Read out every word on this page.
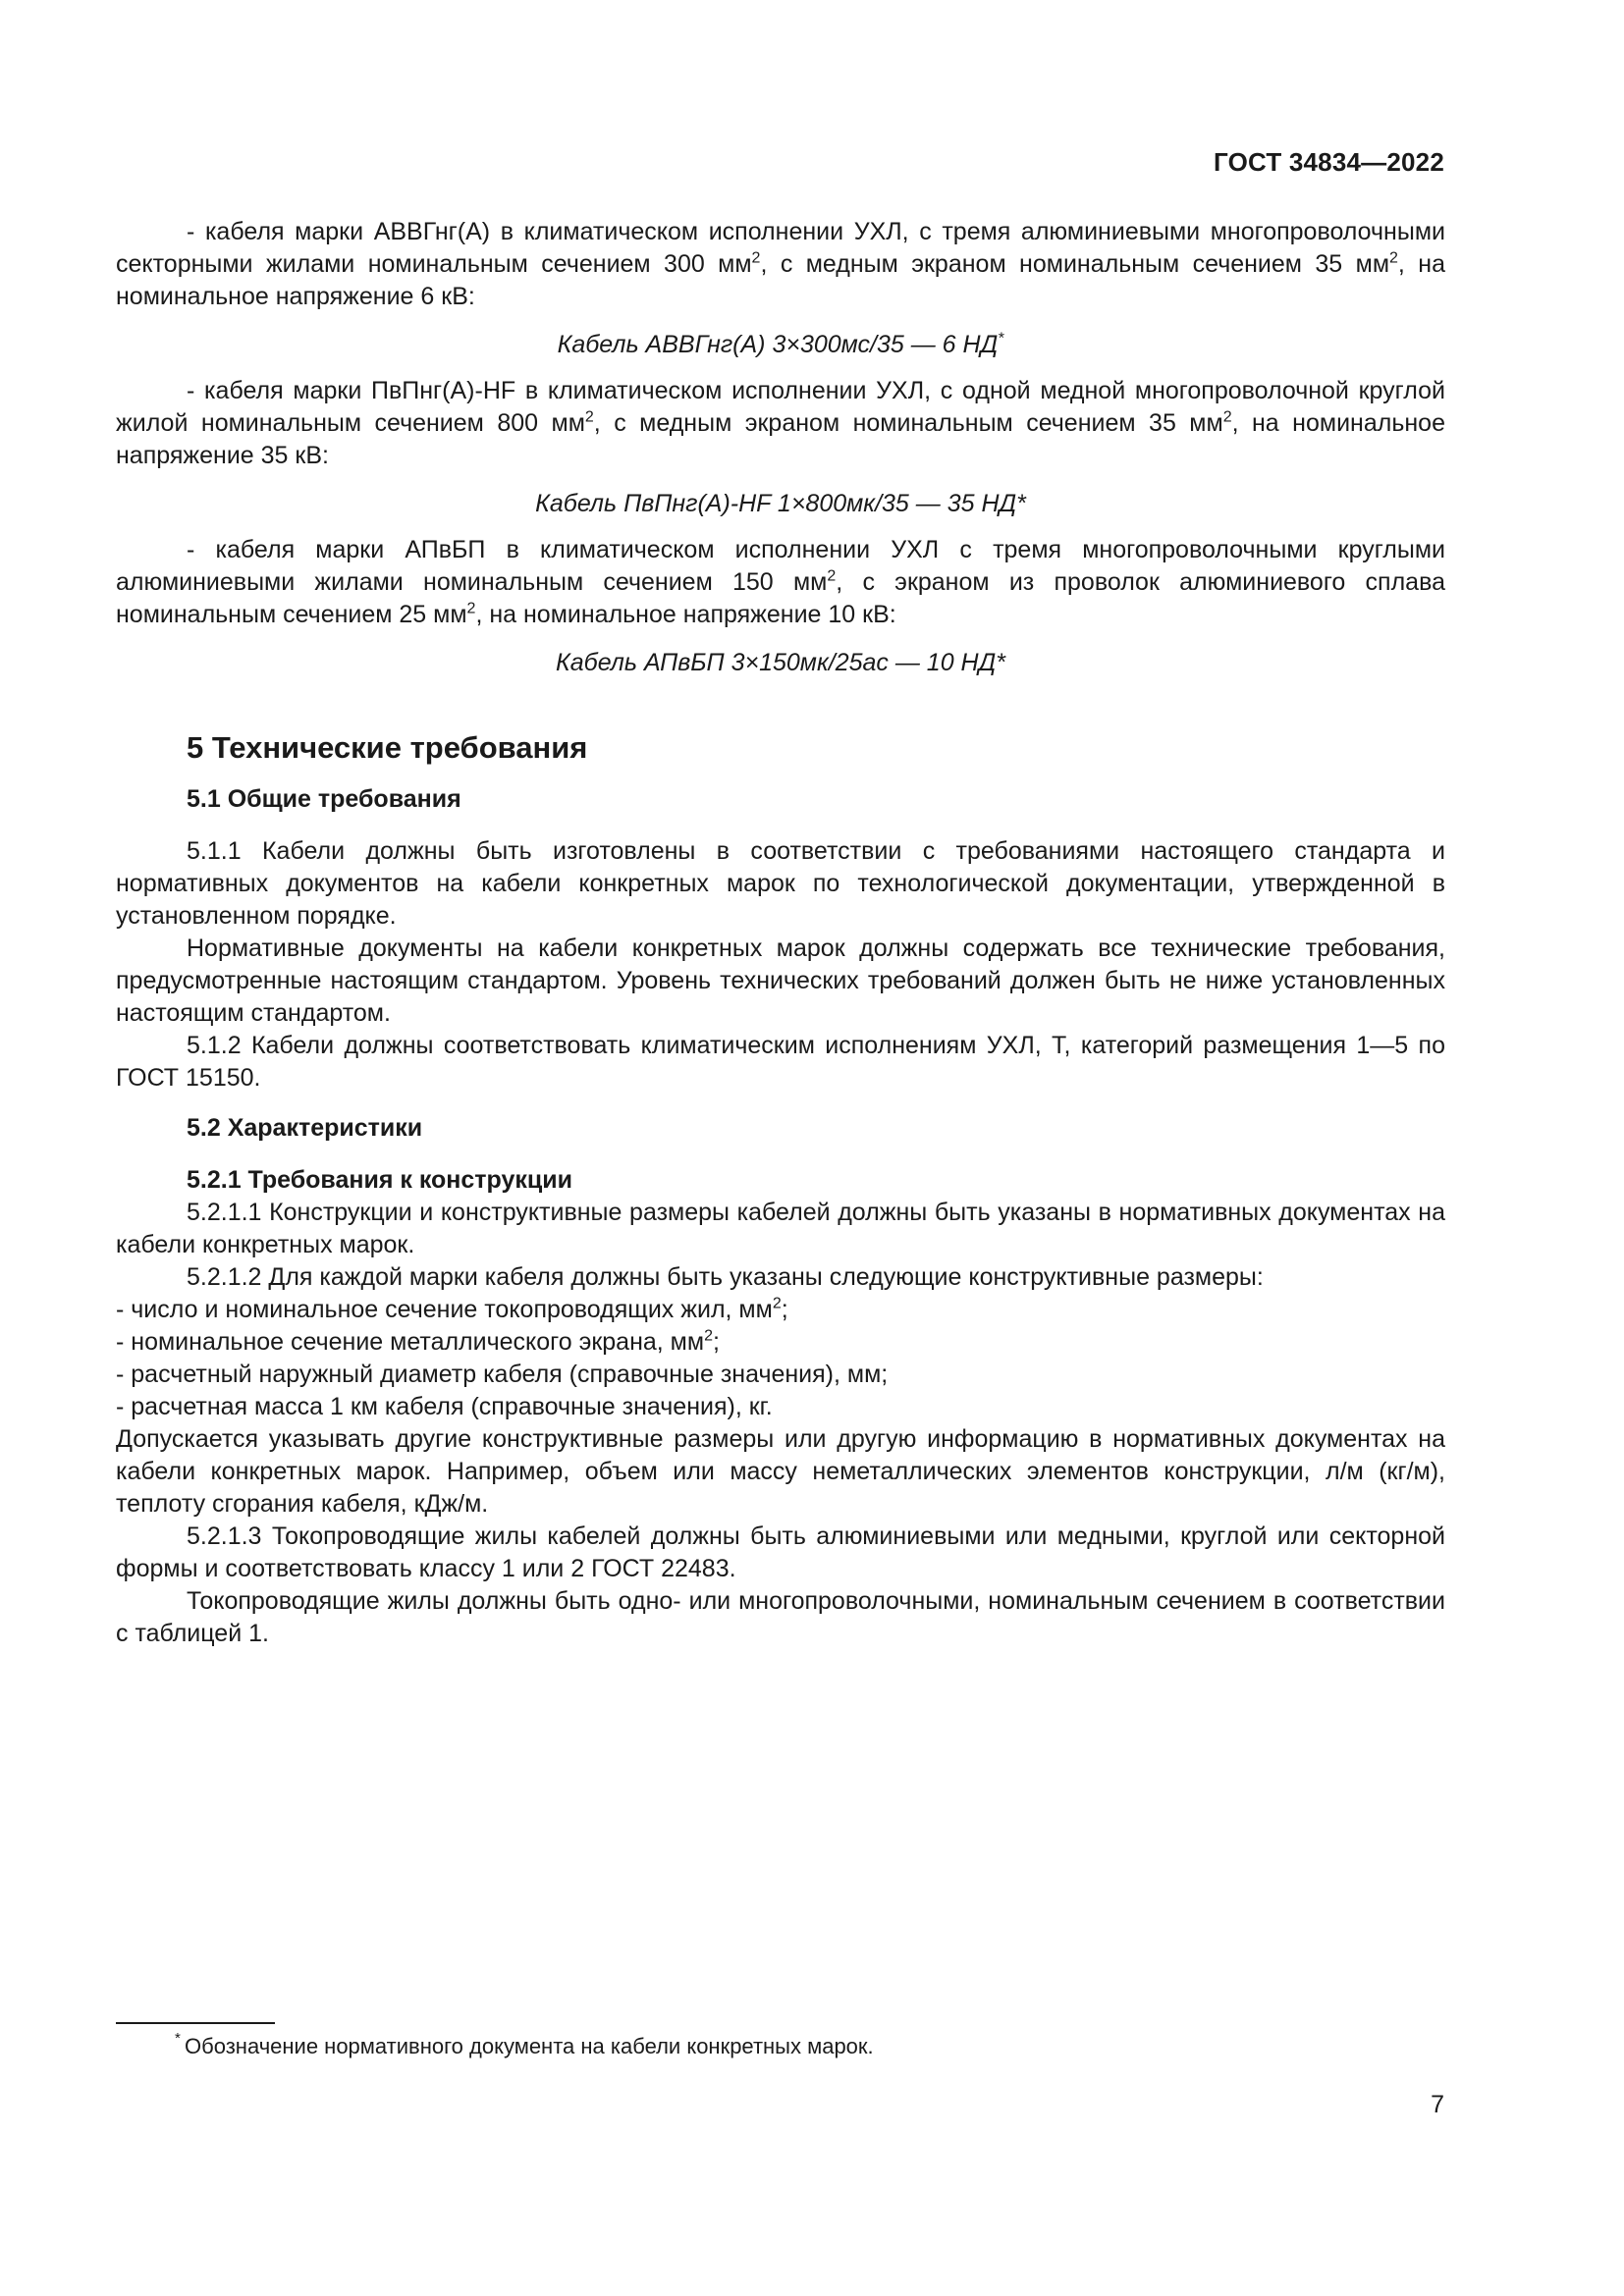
ГОСТ 34834—2022

- кабеля марки АВВГнг(А) в климатическом исполнении УХЛ, с тремя алюминиевыми многопроволочными секторными жилами номинальным сечением 300 $мм^2$, с медным экраном номинальным сечением 35 $мм^2$, на номинальное напряжение 6 кВ:

Кабель АВВГнг(А) 3×300мс/35 — 6 НД*

- кабеля марки ПвПнг(А)-HF в климатическом исполнении УХЛ, с одной медной многопроволочной круглой жилой номинальным сечением 800 $мм^2$, с медным экраном номинальным сечением 35 $мм^2$, на номинальное напряжение 35 кВ:

Кабель ПвПнг(А)-HF 1×800мк/35 — 35 НД*

- кабеля марки АПвБП в климатическом исполнении УХЛ с тремя многопроволочными круглыми алюминиевыми жилами номинальным сечением 150 $мм^2$, с экраном из проволок алюминиевого сплава номинальным сечением 25 $мм^2$, на номинальное напряжение 10 кВ:

Кабель АПвБП 3×150мк/25ас — 10 НД*

5 Технические требования
5.1 Общие требования

5.1.1 Кабели должны быть изготовлены в соответствии с требованиями настоящего стандарта и нормативных документов на кабели конкретных марок по технологической документации, утвержденной в установленном порядке.

Нормативные документы на кабели конкретных марок должны содержать все технические требования, предусмотренные настоящим стандартом. Уровень технических требований должен быть не ниже установленных настоящим стандартом.

5.1.2 Кабели должны соответствовать климатическим исполнениям УХЛ, Т, категорий размещения 1—5 по ГОСТ 15150.

5.2 Характеристики
5.2.1 Требования к конструкции

5.2.1.1 Конструкции и конструктивные размеры кабелей должны быть указаны в нормативных документах на кабели конкретных марок.

5.2.1.2 Для каждой марки кабеля должны быть указаны следующие конструктивные размеры:

- число и номинальное сечение токопроводящих жил, $мм^2$;

- номинальное сечение металлического экрана, $мм^2$;

- расчетный наружный диаметр кабеля (справочные значения), мм;

- расчетная масса 1 км кабеля (справочные значения), кг.

Допускается указывать другие конструктивные размеры или другую информацию в нормативных документах на кабели конкретных марок. Например, объем или массу неметаллических элементов конструкции, л/м (кг/м), теплоту сгорания кабеля, кДж/м.

5.2.1.3 Токопроводящие жилы кабелей должны быть алюминиевыми или медными, круглой или секторной формы и соответствовать классу 1 или 2 ГОСТ 22483.

Токопроводящие жилы должны быть одно- или многопроволочными, номинальным сечением в соответствии с таблицей 1.

* Обозначение нормативного документа на кабели конкретных марок.
7
